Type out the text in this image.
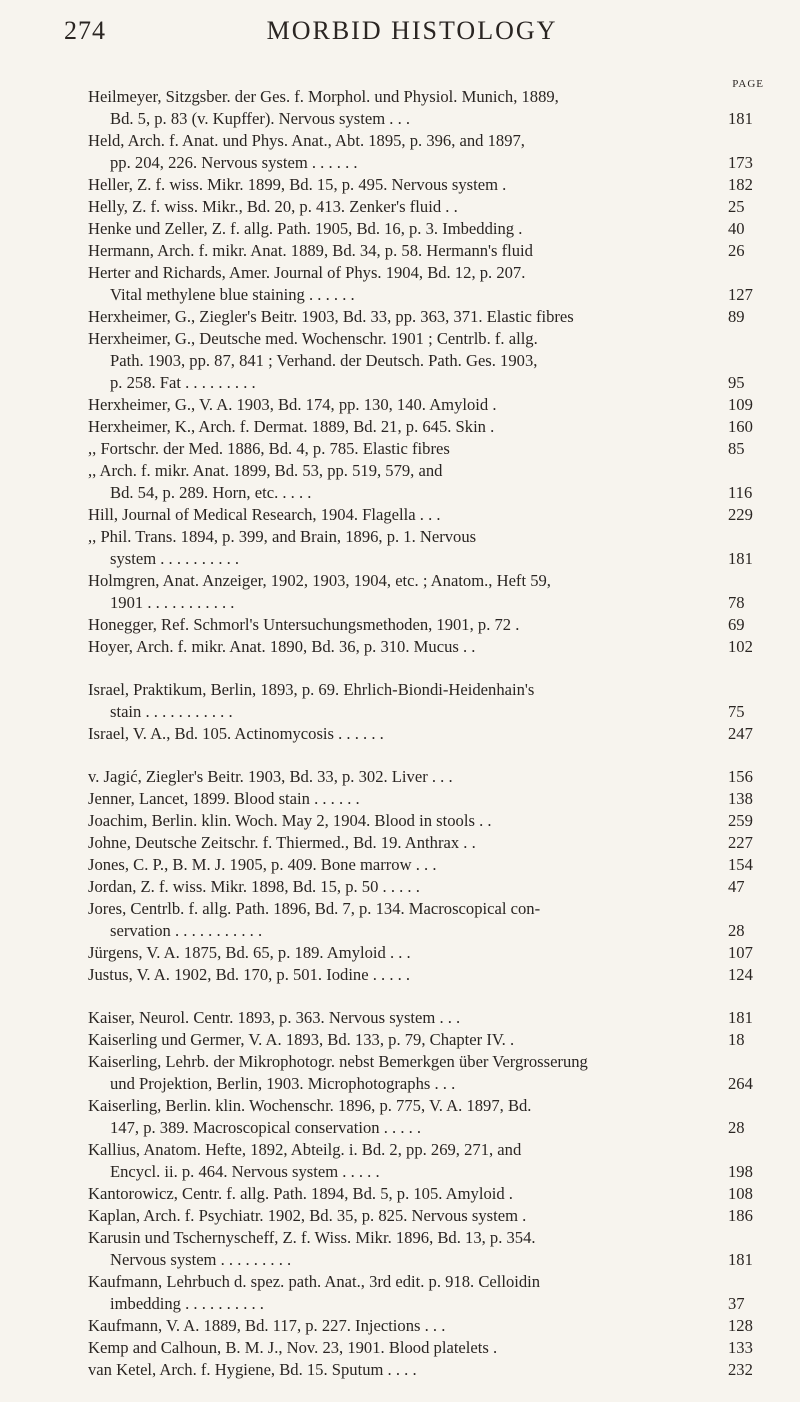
274	MORBID HISTOLOGY
PAGE

Heilmeyer, Sitzgsber. der Ges. f. Morphol. und Physiol. Munich, 1889,

Bd. 5, p. 83 (v. Kupffer). Nervous system . . .	181

Held, Arch. f. Anat. und Phys. Anat., Abt. 1895, p. 396, and 1897,

pp. 204, 226. Nervous system . . . . . .	173

Heller, Z. f. wiss. Mikr. 1899, Bd. 15, p. 495. Nervous system .	182

Helly, Z. f. wiss. Mikr., Bd. 20, p. 413. Zenker's fluid . .	25

Henke und Zeller, Z. f. allg. Path. 1905, Bd. 16, p. 3. Imbedding .	40

Hermann, Arch. f. mikr. Anat. 1889, Bd. 34, p. 58. Hermann's fluid	26

Herter and Richards, Amer. Journal of Phys. 1904, Bd. 12, p. 207.

Vital methylene blue staining . . . . . .	127

Herxheimer, G., Ziegler's Beitr. 1903, Bd. 33, pp. 363, 371. Elastic fibres	89

Herxheimer, G., Deutsche med. Wochenschr. 1901 ; Centrlb. f. allg.

Path. 1903, pp. 87, 841 ; Verhand. der Deutsch. Path. Ges. 1903,

p. 258. Fat . . . . . . . . .	95

Herxheimer, G., V. A. 1903, Bd. 174, pp. 130, 140. Amyloid .	109

Herxheimer, K., Arch. f. Dermat. 1889, Bd. 21, p. 645. Skin .	160

,, Fortschr. der Med. 1886, Bd. 4, p. 785. Elastic fibres	85

,, Arch. f. mikr. Anat. 1899, Bd. 53, pp. 519, 579, and

Bd. 54, p. 289. Horn, etc. . . . .	116

Hill, Journal of Medical Research, 1904. Flagella . . .	229

,, Phil. Trans. 1894, p. 399, and Brain, 1896, p. 1. Nervous

system . . . . . . . . . .	181

Holmgren, Anat. Anzeiger, 1902, 1903, 1904, etc. ; Anatom., Heft 59,

1901 . . . . . . . . . . .	78

Honegger, Ref. Schmorl's Untersuchungsmethoden, 1901, p. 72 .	69

Hoyer, Arch. f. mikr. Anat. 1890, Bd. 36, p. 310. Mucus . .	102

Israel, Praktikum, Berlin, 1893, p. 69. Ehrlich-Biondi-Heidenhain's

stain . . . . . . . . . . .	75

Israel, V. A., Bd. 105. Actinomycosis . . . . . .	247

v. Jagić, Ziegler's Beitr. 1903, Bd. 33, p. 302. Liver . . .	156

Jenner, Lancet, 1899. Blood stain . . . . . .	138

Joachim, Berlin. klin. Woch. May 2, 1904. Blood in stools . .	259

Johne, Deutsche Zeitschr. f. Thiermed., Bd. 19. Anthrax . .	227

Jones, C. P., B. M. J. 1905, p. 409. Bone marrow . . .	154

Jordan, Z. f. wiss. Mikr. 1898, Bd. 15, p. 50 . . . . .	47

Jores, Centrlb. f. allg. Path. 1896, Bd. 7, p. 134. Macroscopical con-

servation . . . . . . . . . . .	28

Jürgens, V. A. 1875, Bd. 65, p. 189. Amyloid . . .	107

Justus, V. A. 1902, Bd. 170, p. 501. Iodine . . . . .	124

Kaiser, Neurol. Centr. 1893, p. 363. Nervous system . . .	181

Kaiserling und Germer, V. A. 1893, Bd. 133, p. 79, Chapter IV. .	18

Kaiserling, Lehrb. der Mikrophotogr. nebst Bemerkgen über Vergrosserung

und Projektion, Berlin, 1903. Microphotographs . . .	264

Kaiserling, Berlin. klin. Wochenschr. 1896, p. 775, V. A. 1897, Bd.

147, p. 389. Macroscopical conservation . . . . .	28

Kallius, Anatom. Hefte, 1892, Abteilg. i. Bd. 2, pp. 269, 271, and

Encycl. ii. p. 464. Nervous system . . . . .	198

Kantorowicz, Centr. f. allg. Path. 1894, Bd. 5, p. 105. Amyloid .	108

Kaplan, Arch. f. Psychiatr. 1902, Bd. 35, p. 825. Nervous system .	186

Karusin und Tschernyscheff, Z. f. Wiss. Mikr. 1896, Bd. 13, p. 354.

Nervous system . . . . . . . . .	181

Kaufmann, Lehrbuch d. spez. path. Anat., 3rd edit. p. 918. Celloidin

imbedding . . . . . . . . . .	37

Kaufmann, V. A. 1889, Bd. 117, p. 227. Injections . . .	128

Kemp and Calhoun, B. M. J., Nov. 23, 1901. Blood platelets .	133

van Ketel, Arch. f. Hygiene, Bd. 15. Sputum . . . .	232
